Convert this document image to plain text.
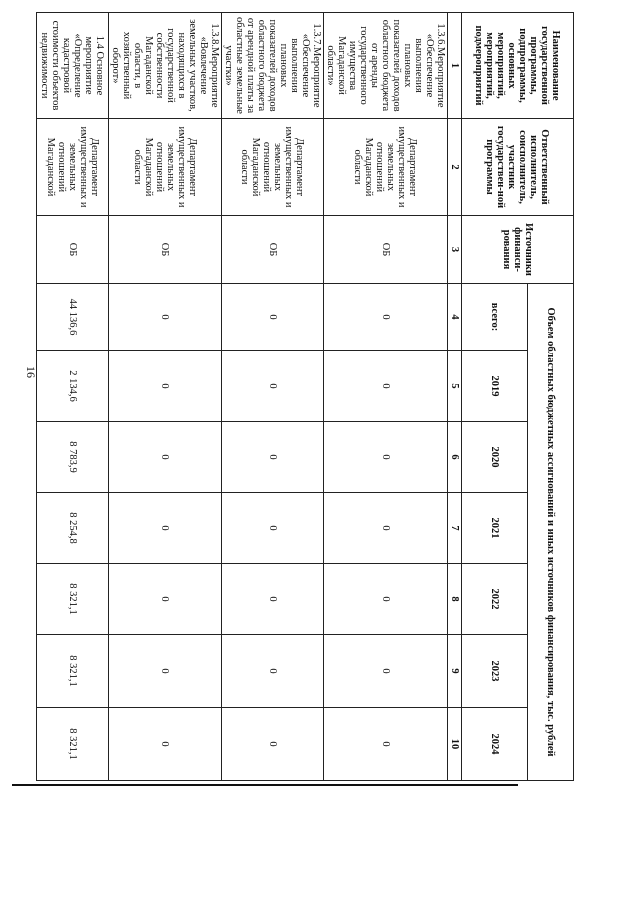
16
Наименование государственной программы, подпрограммы, основных мероприятий, мероприятий, подмероприятий	Ответственный исполнитель, соисполнитель, участник государствен-ной программы	Источники финанси-рования	Объем областных бюджетных ассигнований и иных источников финансирования, тыс. рублей						
			всего:	2019	2020	2021	2022	2023	2024
1	2	3	4	5	6	7	8	9	10
1.3.6.Мероприятие «Обеспечение выполнения плановых показателей доходов областного бюджета от аренды государственного имущества Магаданской области»	Департамент имущественных и земельных отношений Магаданской области	ОБ	0	0	0	0	0	0	0
1.3.7.Мероприятие «Обеспечение выполнения плановых показателей доходов областного бюджета от арендной платы за областные земельные участки»	Департамент имущественных и земельных отношений Магаданской области	ОБ	0	0	0	0	0	0	0
1.3.8.Мероприятие «Вовлечение земельных участков, находящихся в государственной собственности Магаданской области, в хозяйственный оборот»	Департамент имущественных и земельных отношений Магаданской области	ОБ	0	0	0	0	0	0	0
1.4 Основное мероприятие «Определение кадастровой стоимости объектов недвижимости	Департамент имущественных и земельных отношений Магаданской	ОБ	44 136,6	2 134,6	8 783,9	8 254,8	8 321,1	8 321,1	8 321,1
